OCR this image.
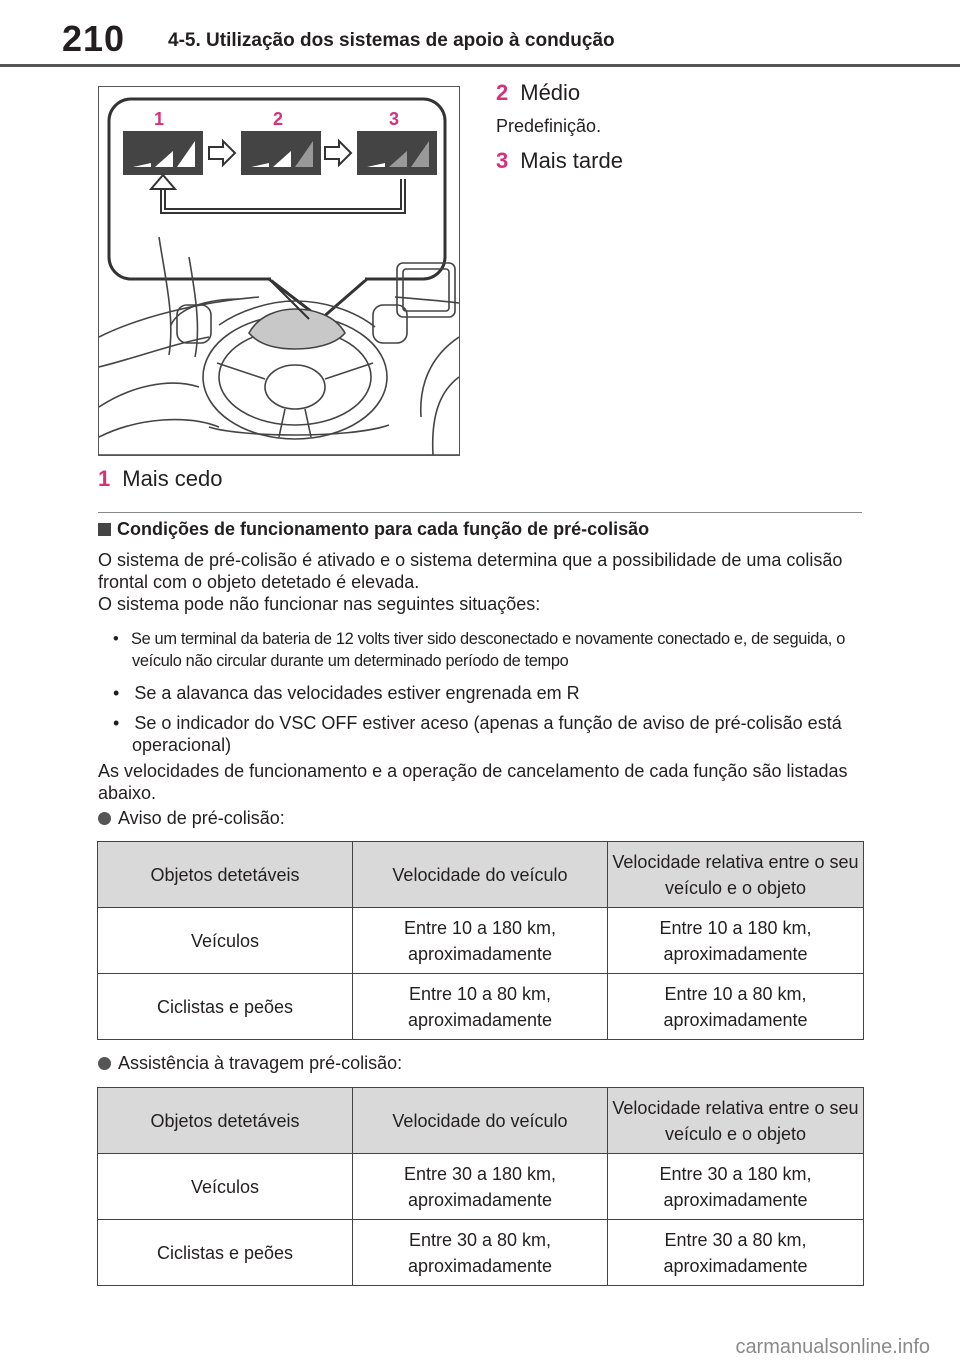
210 4-5. Utilização dos sistemas de apoio à condução
1	2	3
2 Médio
Predefinição.
3 Mais tarde
1 Mais cedo
Condições de funcionamento para cada função de pré-colisão
O sistema de pré-colisão é ativado e o sistema determina que a possibilidade de uma colisão frontal com o objeto detetado é elevada.
O sistema pode não funcionar nas seguintes situações:
•   Se um terminal da bateria de 12 volts tiver sido desconectado e novamente conectado e, de seguida, o veículo não circular durante um determinado período de tempo
•   Se a alavanca das velocidades estiver engrenada em R
•   Se o indicador do VSC OFF estiver aceso (apenas a função de aviso de pré-colisão está operacional)
As velocidades de funcionamento e a operação de cancelamento de cada função são listadas abaixo.
Aviso de pré-colisão:
Objetos detetáveis	Velocidade do veículo	Velocidade relativa entre o seu veículo e o objeto
Veículos	Entre 10 a 180 km, aproximadamente	Entre 10 a 180 km, aproximadamente
Ciclistas e peões	Entre 10 a 80 km, aproximadamente	Entre 10 a 80 km, aproximadamente
Assistência à travagem pré-colisão:
Objetos detetáveis	Velocidade do veículo	Velocidade relativa entre o seu veículo e o objeto
Veículos	Entre 30 a 180 km, aproximadamente	Entre 30 a 180 km, aproximadamente
Ciclistas e peões	Entre 30 a 80 km, aproximadamente	Entre 30 a 80 km, aproximadamente
carmanualsonline.info
